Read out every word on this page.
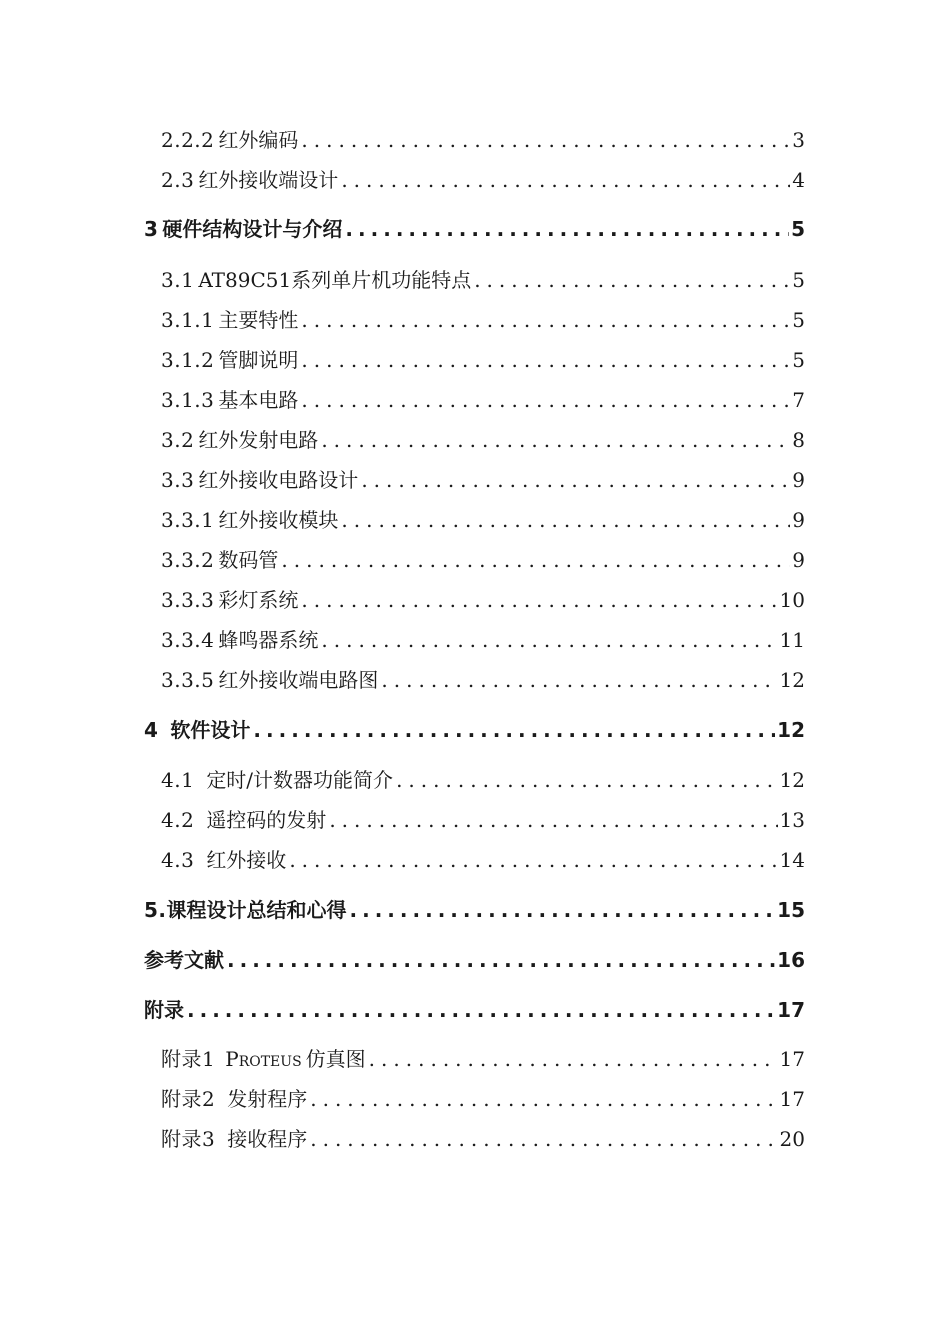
2.2.2 红外编码 .....	3
2.3 红外接收端设计 .....	4
3 硬件结构设计与介绍 .....	5
3.1 AT89C51系列单片机功能特点 .....	5
3.1.1 主要特性 .....	5
3.1.2 管脚说明 .....	5
3.1.3 基本电路 .....	7
3.2 红外发射电路 .....	8
3.3 红外接收电路设计 .....	9
3.3.1 红外接收模块 .....	9
3.3.2 数码管 .....	9
3.3.3 彩灯系统 .....	10
3.3.4 蜂鸣器系统 .....	11
3.3.5 红外接收端电路图 .....	12
4 软件设计 .....	12
4.1 定时/计数器功能简介 .....	12
4.2 遥控码的发射 .....	13
4.3 红外接收 .....	14
5. 课程设计总结和心得 .....	15
参考文献 .....	16
附录 .....	17
附录1 Proteus 仿真图 .....	17
附录2 发射程序 .....	17
附录3 接收程序 .....	20
